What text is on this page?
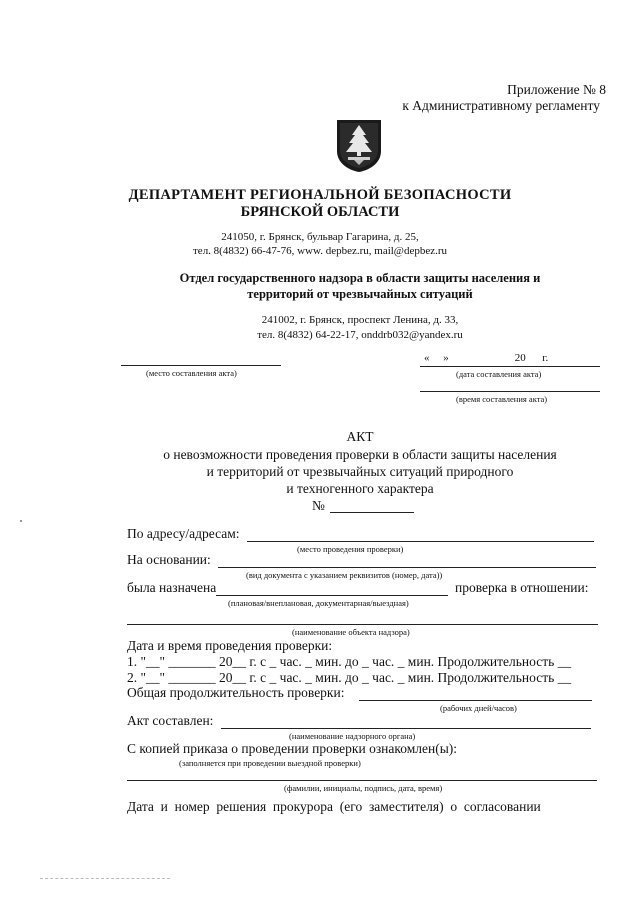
Приложение № 8
к Административному регламенту
ДЕПАРТАМЕНТ РЕГИОНАЛЬНОЙ БЕЗОПАСНОСТИ
БРЯНСКОЙ ОБЛАСТИ
241050, г. Брянск, бульвар Гагарина, д. 25,
тел. 8(4832) 66-47-76, www. depbez.ru, mail@depbez.ru
Отдел государственного надзора в области защиты населения и
территорий от чрезвычайных ситуаций
241002, г. Брянск, проспект Ленина, д. 33,
тел. 8(4832) 64-22-17, onddrb032@yandex.ru
(место составления акта)
«     »                        20      г.
(дата составления акта)
(время составления акта)
АКТ
о невозможности проведения проверки в области защиты населения
и территорий от чрезвычайных ситуаций природного
и техногенного характера
№
По адресу/адресам:
(место проведения проверки)
На основании:
(вид документа с указанием реквизитов (номер, дата))
была назначена	проверка в отношении:
(плановая/внеплановая, документарная/выездная)
(наименование объекта надзора)
Дата и время проведения проверки:
1. "__" _______ 20__ г. с _ час. _ мин. до _ час. _ мин. Продолжительность __
2. "__" _______ 20__ г. с _ час. _ мин. до _ час. _ мин. Продолжительность __
Общая продолжительность проверки:
(рабочих дней/часов)
Акт составлен:
(наименование надзорного органа)
С копией приказа о проведении проверки ознакомлен(ы):
(заполняется при проведении выездной проверки)
(фамилии, инициалы, подпись, дата, время)
Дата  и  номер  решения  прокурора  (его  заместителя)  о  согласовании
